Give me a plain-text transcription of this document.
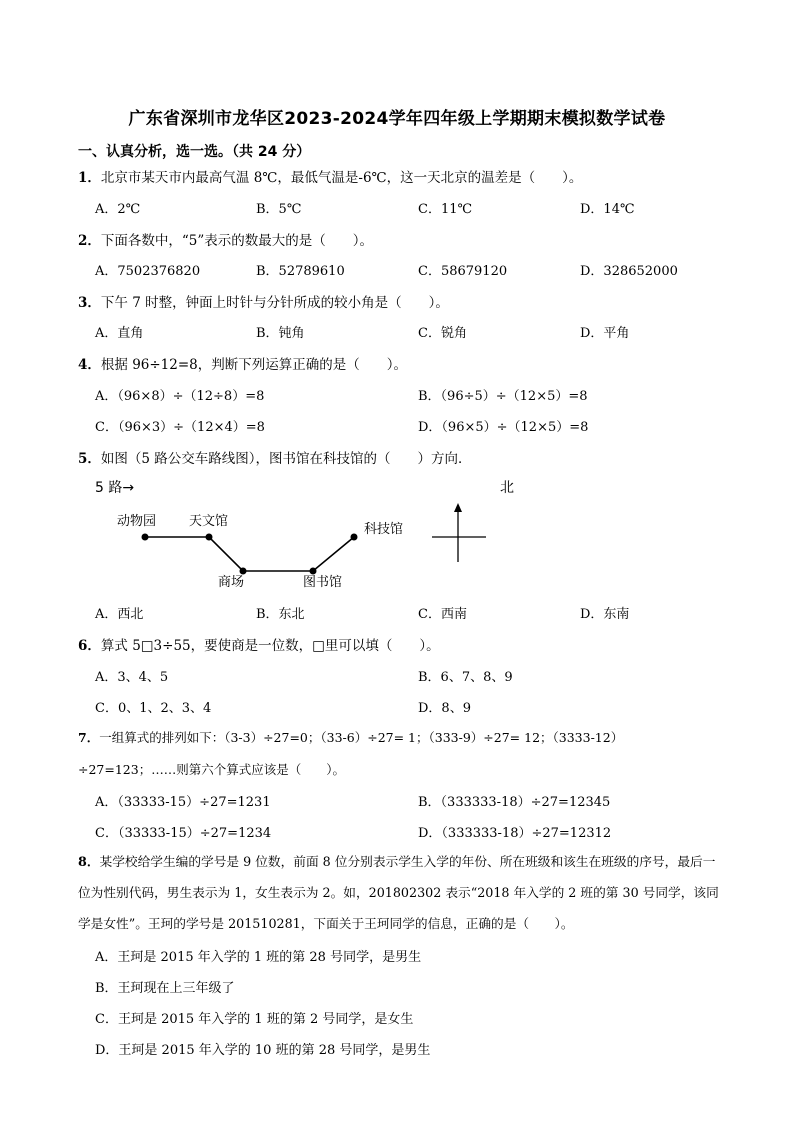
广东省深圳市龙华区2023-2024学年四年级上学期期末模拟数学试卷
一、认真分析，选一选。（共 24 分）
1．北京市某天市内最高气温 8℃，最低气温是-6℃，这一天北京的温差是（　　）。
A．2℃	B．5℃	C．11℃	D．14℃
2．下面各数中，“5”表示的数最大的是（　　）。
A．7502376820	B．52789610	C．58679120	D．328652000
3．下午 7 时整，钟面上时针与分针所成的较小角是（　　）。
A．直角	B．钝角	C．锐角	D．平角
4．根据 96÷12=8，判断下列运算正确的是（　　）。
A．（96×8）÷（12÷8）=8	B．（96÷5）÷（12×5）=8
C．（96×3）÷（12×4）=8	D．（96×5）÷（12×5）=8
5．如图（5 路公交车路线图），图书馆在科技馆的（　　）方向．
5 路→	北
动物园	天文馆
商场	图书馆
科技馆
A．西北	B．东北	C．西南	D．东南
6．算式 5□3÷55，要使商是一位数，□里可以填（　　）。
A．3、4、5	B．6、7、8、9
C．0、1、2、3、4	D．8、9
7．一组算式的排列如下：（3-3）÷27=0；（33-6）÷27= 1；（333-9）÷27= 12；（3333-12）
÷27=123；……则第六个算式应该是（　　）。
A．（33333-15）÷27=1231	B．（333333-18）÷27=12345
C．（33333-15）÷27=1234	D．（333333-18）÷27=12312
8．某学校给学生编的学号是 9 位数，前面 8 位分别表示学生入学的年份、所在班级和该生在班级的序号，最后一位为性别代码，男生表示为 1，女生表示为 2。如，201802302 表示“2018 年入学的 2 班的第 30 号同学，该同学是女性”。王珂的学号是 201510281，下面关于王珂同学的信息，正确的是（　　）。
A．王珂是 2015 年入学的 1 班的第 28 号同学，是男生
B．王珂现在上三年级了
C．王珂是 2015 年入学的 1 班的第 2 号同学，是女生
D．王珂是 2015 年入学的 10 班的第 28 号同学，是男生
